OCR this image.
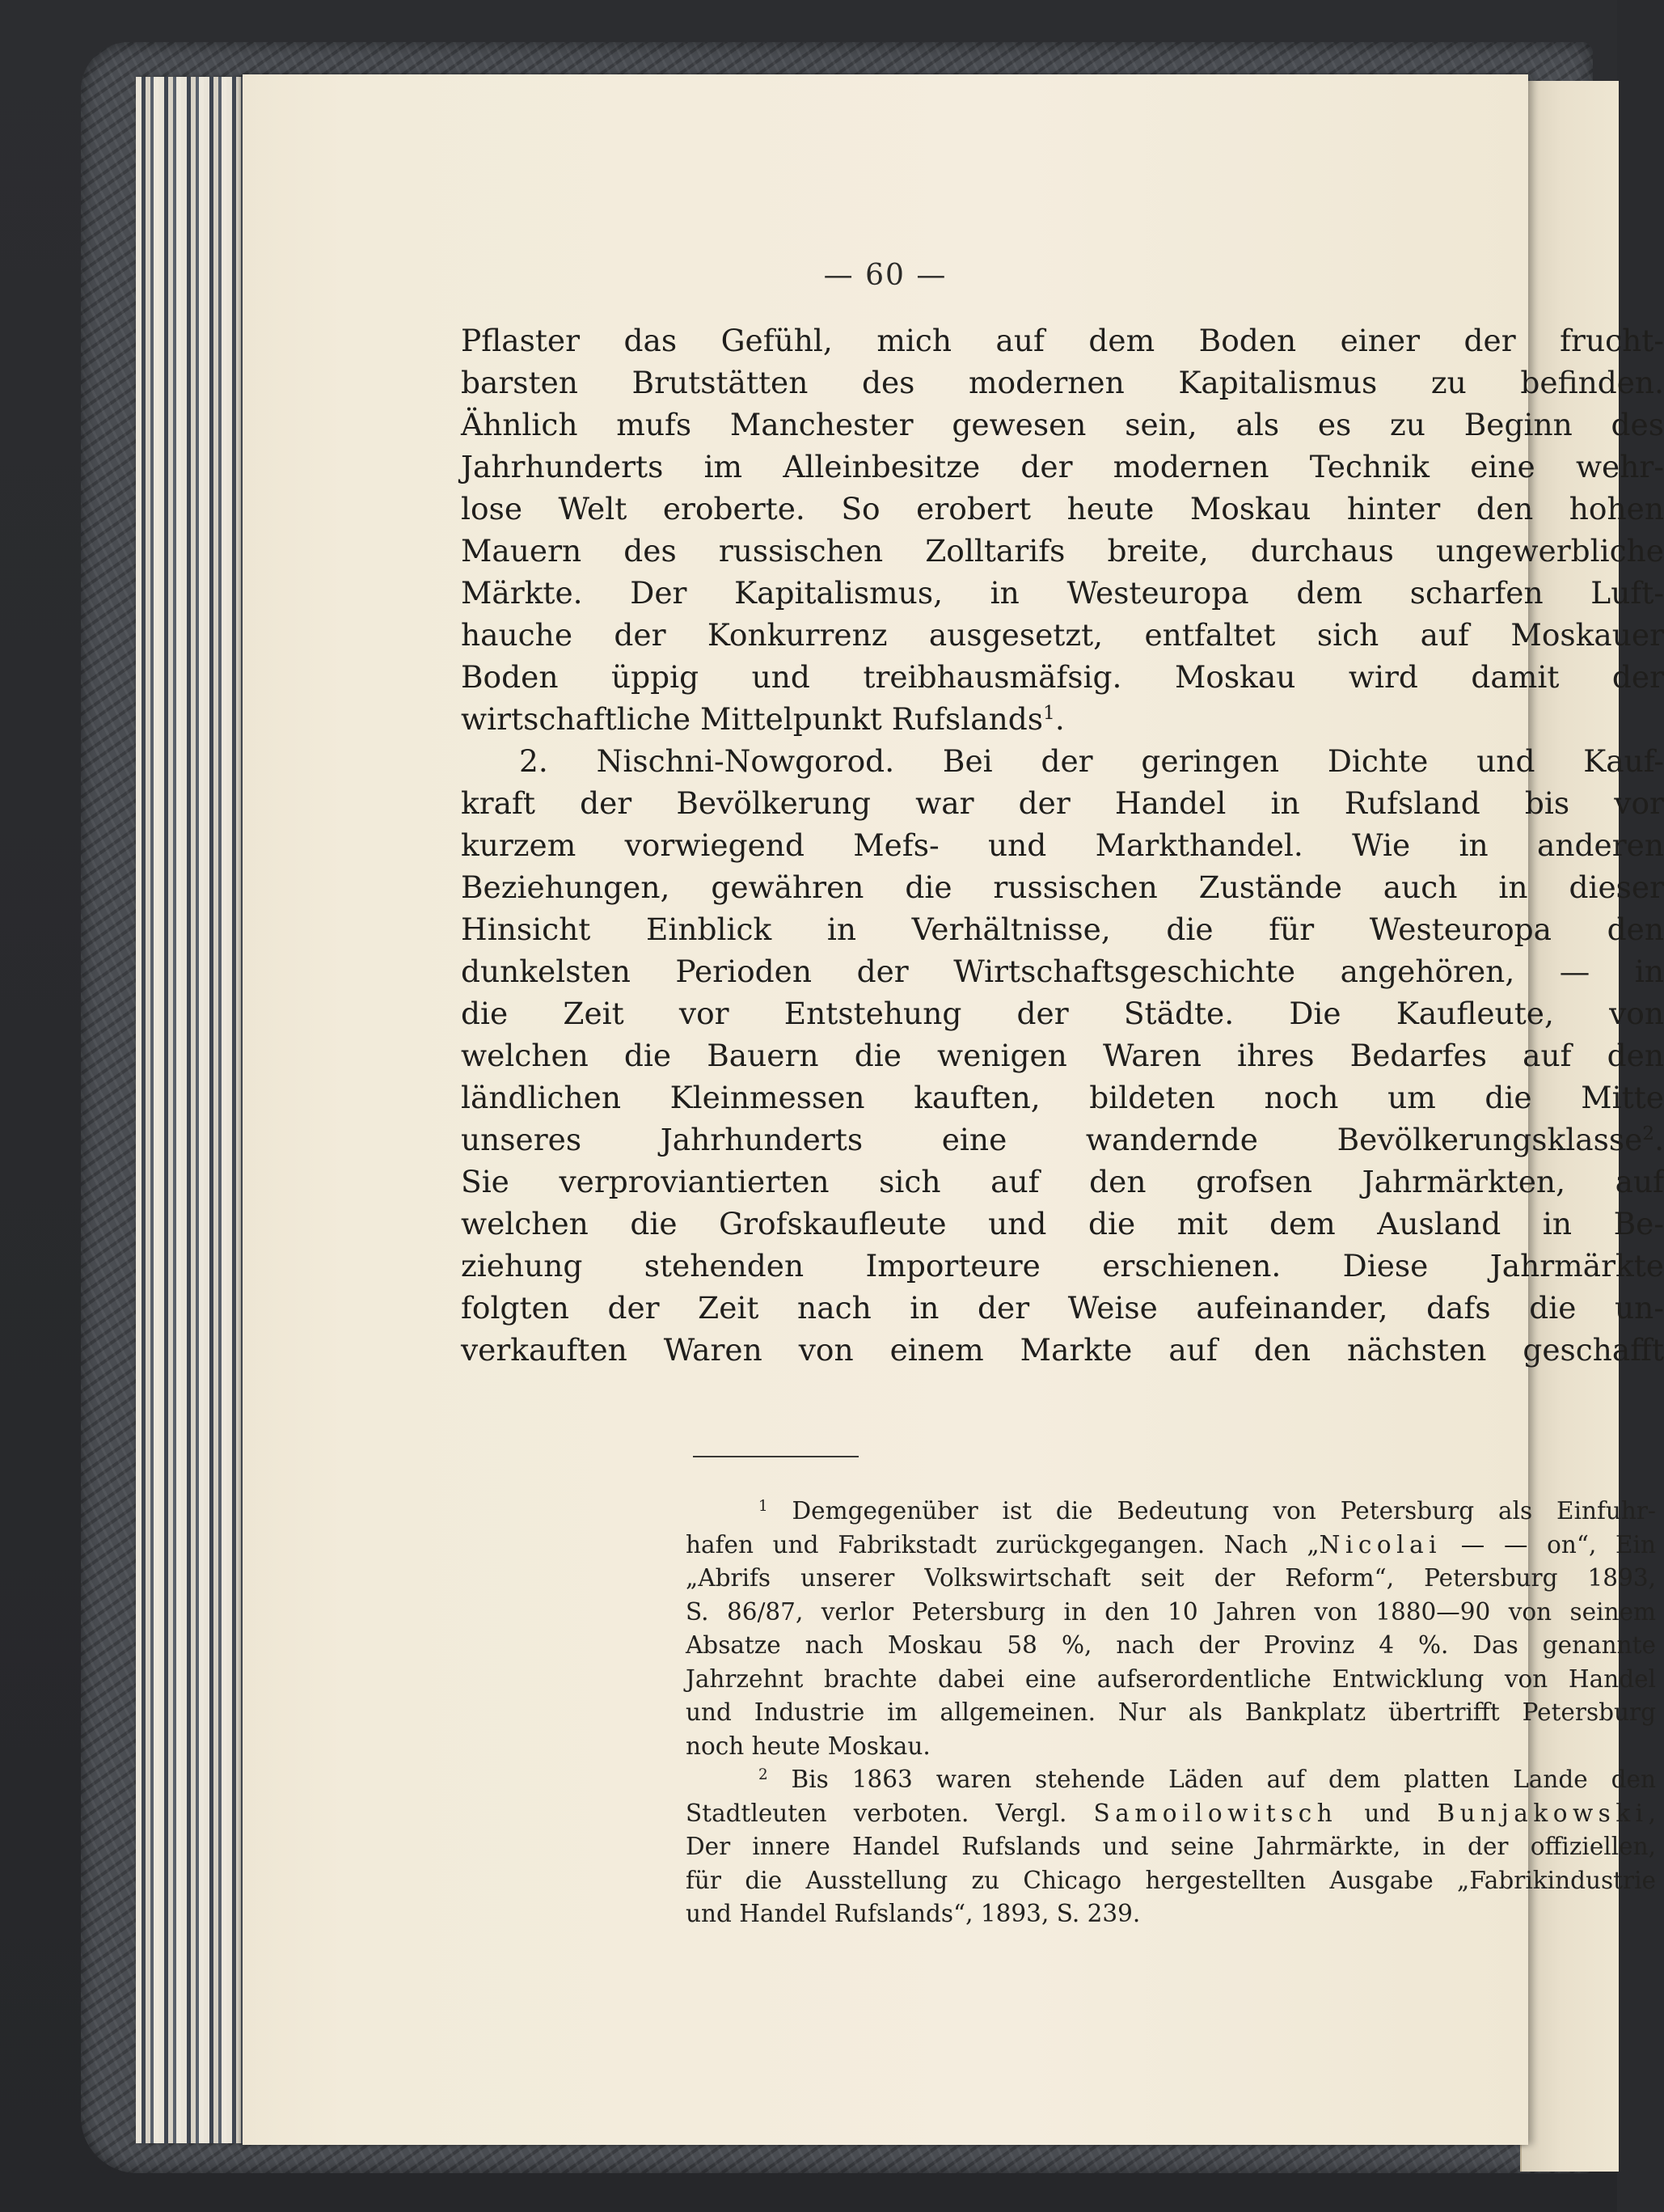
— 60 —
Pflaster das Gefühl, mich auf dem Boden einer der frucht-
barsten Brutstätten des modernen Kapitalismus zu befinden.
Ähnlich mufs Manchester gewesen sein, als es zu Beginn des
Jahrhunderts im Alleinbesitze der modernen Technik eine wehr-
lose Welt eroberte. So erobert heute Moskau hinter den hohen
Mauern des russischen Zolltarifs breite, durchaus ungewerbliche
Märkte. Der Kapitalismus, in Westeuropa dem scharfen Luft-
hauche der Konkurrenz ausgesetzt, entfaltet sich auf Moskauer
Boden üppig und treibhausmäfsig. Moskau wird damit der
wirtschaftliche Mittelpunkt Rufslands$^1$.
2. Nischni-Nowgorod. Bei der geringen Dichte und Kauf-
kraft der Bevölkerung war der Handel in Rufsland bis vor
kurzem vorwiegend Mefs- und Markthandel. Wie in anderen
Beziehungen, gewähren die russischen Zustände auch in dieser
Hinsicht Einblick in Verhältnisse, die für Westeuropa den
dunkelsten Perioden der Wirtschaftsgeschichte angehören, — in
die Zeit vor Entstehung der Städte. Die Kaufleute, von
welchen die Bauern die wenigen Waren ihres Bedarfes auf den
ländlichen Kleinmessen kauften, bildeten noch um die Mitte
unseres Jahrhunderts eine wandernde Bevölkerungsklasse$^2$.
Sie verproviantierten sich auf den grofsen Jahrmärkten, auf
welchen die Grofskaufleute und die mit dem Ausland in Be-
ziehung stehenden Importeure erschienen. Diese Jahrmärkte
folgten der Zeit nach in der Weise aufeinander, dafs die un-
verkauften Waren von einem Markte auf den nächsten geschafft
$^1$ Demgegenüber ist die Bedeutung von Petersburg als Einfuhr-
hafen und Fabrikstadt zurückgegangen. Nach „Nicolai — — on“, Ein
„Abrifs unserer Volkswirtschaft seit der Reform“, Petersburg 1893,
S. 86/87, verlor Petersburg in den 10 Jahren von 1880—90 von seinem
Absatze nach Moskau 58 %, nach der Provinz 4 %. Das genannte
Jahrzehnt brachte dabei eine aufserordentliche Entwicklung von Handel
und Industrie im allgemeinen. Nur als Bankplatz übertrifft Petersburg
noch heute Moskau.
$^2$ Bis 1863 waren stehende Läden auf dem platten Lande den
Stadtleuten verboten. Vergl. Samoilowitsch und Bunjakowski,
Der innere Handel Rufslands und seine Jahrmärkte, in der offiziellen,
für die Ausstellung zu Chicago hergestellten Ausgabe „Fabrikindustrie
und Handel Rufslands“, 1893, S. 239.
